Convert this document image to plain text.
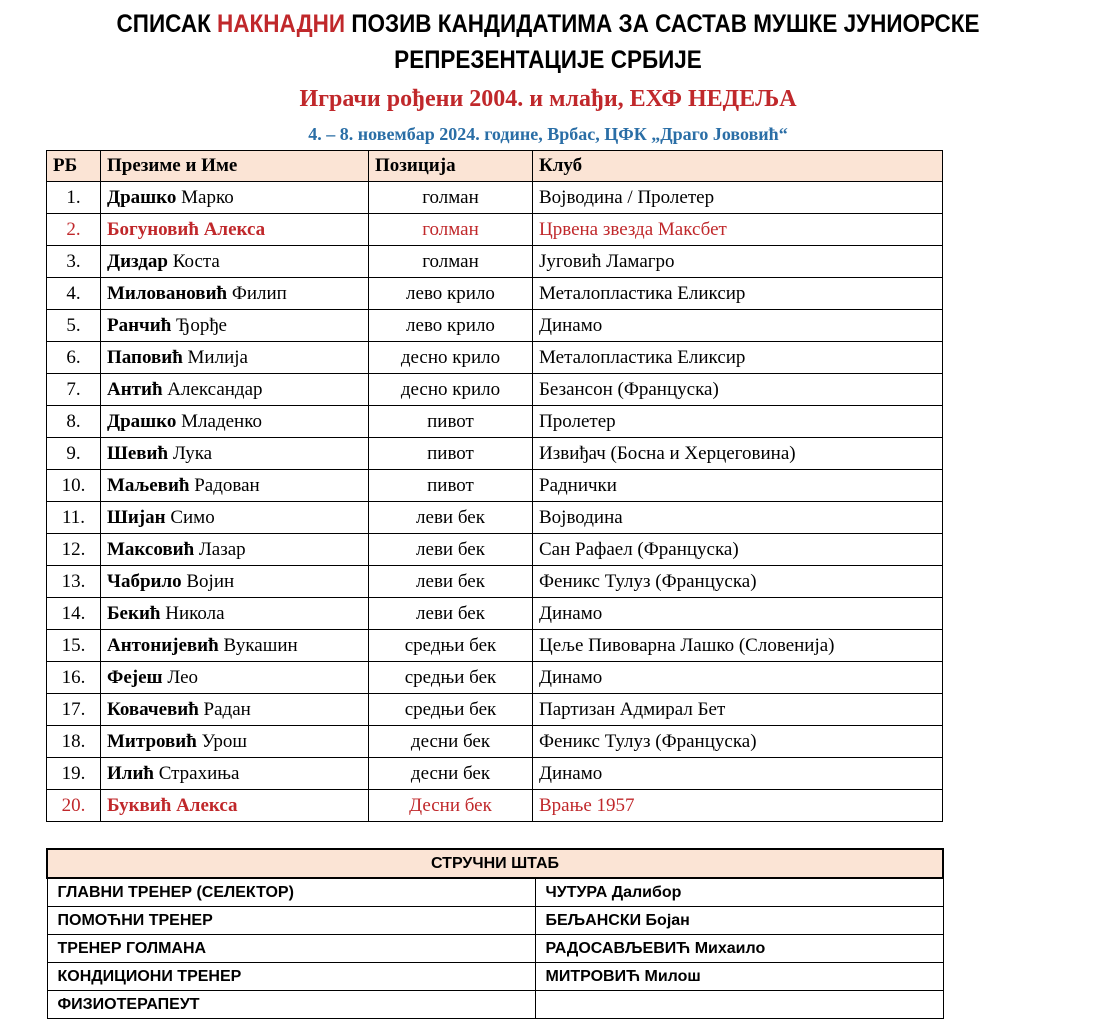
СПИСАК НАКНАДНИ ПОЗИВ КАНДИДАТИМА ЗА САСТАВ МУШКЕ ЈУНИОРСКЕ
РЕПРЕЗЕНТАЦИЈЕ СРБИЈЕ
Играчи рођени 2004. и млађи, ЕХФ НЕДЕЉА
4. – 8. новембар 2024. године, Врбас, ЦФК „Драго Јововић“
РБ	Презиме и Име	Позиција	Клуб
1.	Драшко Марко	голман	Војводина / Пролетер
2.	Богуновић Алекса	голман	Црвена звезда Максбет
3.	Диздар Коста	голман	Југовић Ламагро
4.	Миловановић Филип	лево крило	Металопластика Еликсир
5.	Ранчић Ђорђе	лево крило	Динамо
6.	Паповић Милија	десно крило	Металопластика Еликсир
7.	Антић Александар	десно крило	Безансон (Француска)
8.	Драшко Младенко	пивот	Пролетер
9.	Шевић Лука	пивот	Извиђач (Босна и Херцеговина)
10.	Маљевић Радован	пивот	Раднички
11.	Шијан Симо	леви бек	Војводина
12.	Максовић Лазар	леви бек	Сан Рафаел (Француска)
13.	Чабрило Војин	леви бек	Феникс Тулуз (Француска)
14.	Бекић Никола	леви бек	Динамо
15.	Антонијевић Вукашин	средњи бек	Цеље Пивоварна Лашко (Словенија)
16.	Фејеш Лео	средњи бек	Динамо
17.	Ковачевић Радан	средњи бек	Партизан Адмирал Бет
18.	Митровић Урош	десни бек	Феникс Тулуз (Француска)
19.	Илић Страхиња	десни бек	Динамо
20.	Буквић Алекса	Десни бек	Врање 1957
СТРУЧНИ ШТАБ	
ГЛАВНИ ТРЕНЕР (СЕЛЕКТОР)	ЧУТУРА Далибор
ПОМОЋНИ ТРЕНЕР	БЕЉАНСКИ Бојан
ТРЕНЕР ГОЛМАНА	РАДОСАВЉЕВИЋ Михаило
КОНДИЦИОНИ ТРЕНЕР	МИТРОВИЋ Милош
ФИЗИОТЕРАПЕУТ	
